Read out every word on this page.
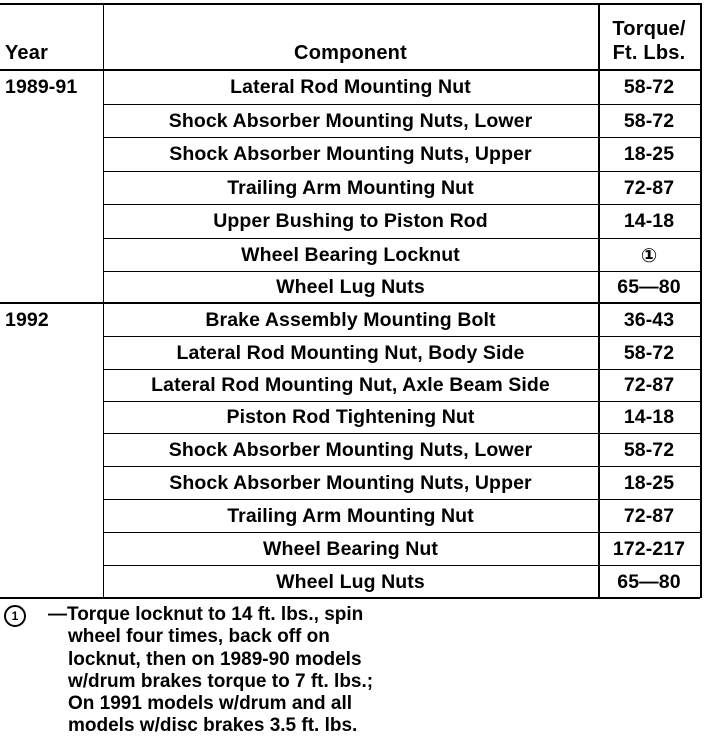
Year	Component
Torque/
Ft. Lbs.
1989-91	Lateral Rod Mounting Nut	58-72
Shock Absorber Mounting Nuts, Lower	58-72
Shock Absorber Mounting Nuts, Upper	18-25
Trailing Arm Mounting Nut	72-87
Upper Bushing to Piston Rod	14-18
Wheel Bearing Locknut	①
Wheel Lug Nuts	65—80
1992	Brake Assembly Mounting Bolt	36-43
Lateral Rod Mounting Nut, Body Side	58-72
Lateral Rod Mounting Nut, Axle Beam Side	72-87
Piston Rod Tightening Nut	14-18
Shock Absorber Mounting Nuts, Lower	58-72
Shock Absorber Mounting Nuts, Upper	18-25
Trailing Arm Mounting Nut	72-87
Wheel Bearing Nut	172-217
Wheel Lug Nuts	65—80
1	—Torque locknut to 14 ft. lbs., spin
wheel four times, back off on
locknut, then on 1989-90 models
w/drum brakes torque to 7 ft. lbs.;
On 1991 models w/drum and all
models w/disc brakes 3.5 ft. lbs.
